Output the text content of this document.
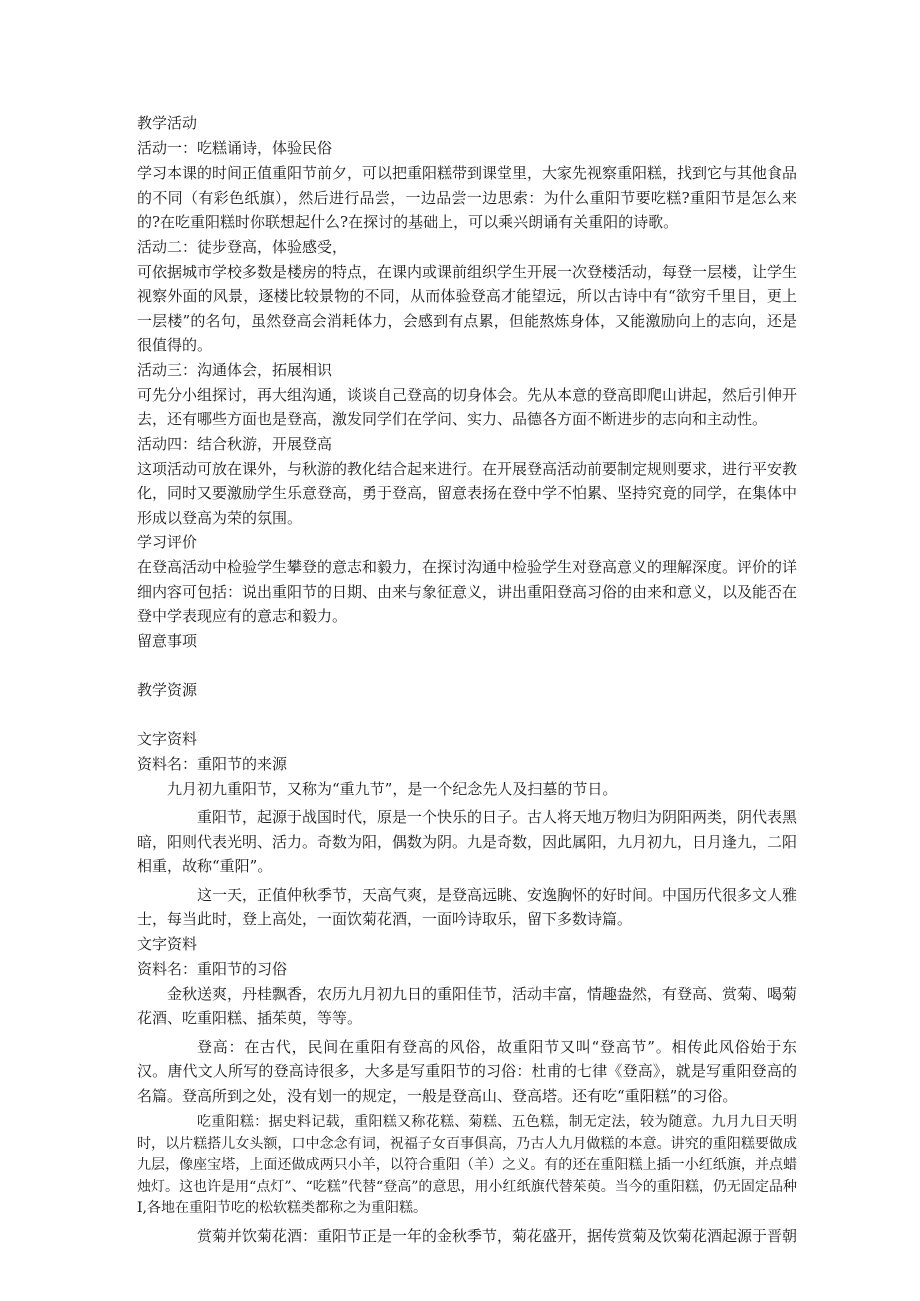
教学活动
活动一：吃糕诵诗，体验民俗

学习本课的时间正值重阳节前夕，可以把重阳糕带到课堂里，大家先视察重阳糕，找到它与其他食品的不同（有彩色纸旗），然后进行品尝，一边品尝一边思索：为什么重阳节要吃糕?重阳节是怎么来的?在吃重阳糕时你联想起什么?在探讨的基础上，可以乘兴朗诵有关重阳的诗歌。

活动二：徒步登高，体验感受，

可依据城市学校多数是楼房的特点，在课内或课前组织学生开展一次登楼活动，每登一层楼，让学生视察外面的风景，逐楼比较景物的不同，从而体验登高才能望远，所以古诗中有“欲穷千里目，更上一层楼”的名句，虽然登高会消耗体力，会感到有点累，但能熬炼身体，又能激励向上的志向，还是很值得的。

活动三：沟通体会，拓展相识

可先分小组探讨，再大组沟通，谈谈自己登高的切身体会。先从本意的登高即爬山讲起，然后引伸开去，还有哪些方面也是登高，激发同学们在学问、实力、品德各方面不断进步的志向和主动性。

活动四：结合秋游，开展登高

这项活动可放在课外，与秋游的教化结合起来进行。在开展登高活动前要制定规则要求，进行平安教化，同时又要激励学生乐意登高，勇于登高，留意表扬在登中学不怕累、坚持究竟的同学，在集体中形成以登高为荣的氛围。

学习评价

在登高活动中检验学生攀登的意志和毅力，在探讨沟通中检验学生对登高意义的理解深度。评价的详细内容可包括：说出重阳节的日期、由来与象征意义，讲出重阳登高习俗的由来和意义，以及能否在登中学表现应有的意志和毅力。

留意事项
教学资源
文字资料
资料名：重阳节的来源

九月初九重阳节，又称为“重九节”，是一个纪念先人及扫墓的节日。

重阳节，起源于战国时代，原是一个快乐的日子。古人将天地万物归为阴阳两类，阴代表黑暗，阳则代表光明、活力。奇数为阳，偶数为阴。九是奇数，因此属阳，九月初九，日月逢九，二阳相重，故称“重阳”。

这一天，正值仲秋季节，天高气爽，是登高远眺、安逸胸怀的好时间。中国历代很多文人雅士，每当此时，登上高处，一面饮菊花酒，一面吟诗取乐，留下多数诗篇。

文字资料
资料名：重阳节的习俗

金秋送爽，丹桂飘香，农历九月初九日的重阳佳节，活动丰富，情趣盎然，有登高、赏菊、喝菊花酒、吃重阳糕、插茱萸，等等。

登高：在古代，民间在重阳有登高的风俗，故重阳节又叫“登高节”。相传此风俗始于东汉。唐代文人所写的登高诗很多，大多是写重阳节的习俗：杜甫的七律《登高》，就是写重阳登高的名篇。登高所到之处，没有划一的规定，一般是登高山、登高塔。还有吃“重阳糕”的习俗。

吃重阳糕：据史料记载，重阳糕又称花糕、菊糕、五色糕，制无定法，较为随意。九月九日天明时，以片糕搭儿女头额，口中念念有词，祝福子女百事俱高，乃古人九月做糕的本意。讲究的重阳糕要做成九层，像座宝塔，上面还做成两只小羊，以符合重阳（羊）之义。有的还在重阳糕上插一小红纸旗，并点蜡烛灯。这也许是用“点灯”、“吃糕”代替“登高”的意思，用小红纸旗代替茱萸。当今的重阳糕，仍无固定品种I,各地在重阳节吃的松软糕类都称之为重阳糕。

赏菊并饮菊花酒：重阳节正是一年的金秋季节，菊花盛开，据传赏菊及饮菊花酒起源于晋朝
